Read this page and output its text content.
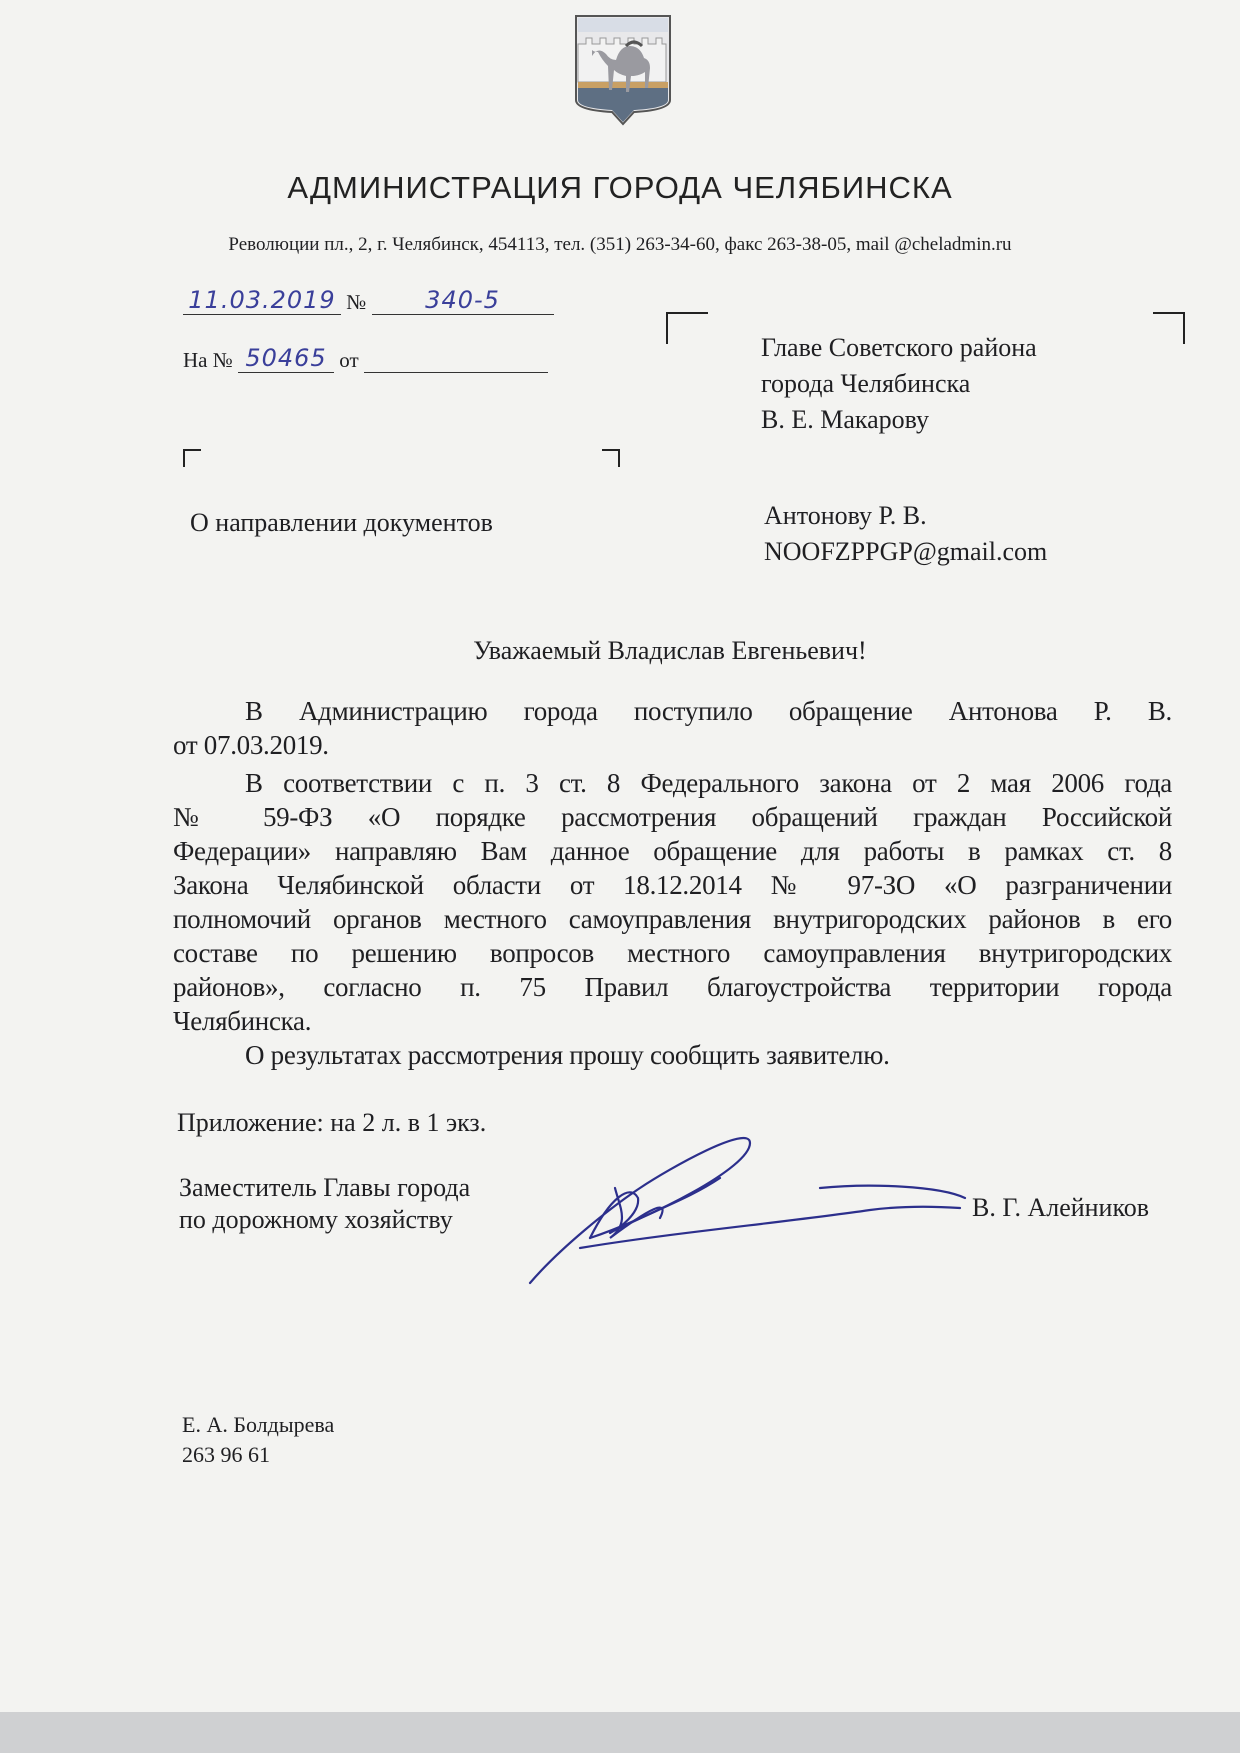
АДМИНИСТРАЦИЯ ГОРОДА ЧЕЛЯБИНСКА
Революции пл., 2, г. Челябинск, 454113, тел. (351) 263-34-60, факс 263-38-05, mail @cheladmin.ru
11.03.2019 № 340-5
На № 50465 от	Главе Советского района
города Челябинска
В. Е. Макарову
Антонову Р. В.
NOOFZPPGP@gmail.com
О направлении документов
Уважаемый Владислав Евгеньевич!
В Администрацию города поступило обращение Антонова Р. В.
от 07.03.2019.
В соответствии с п. 3 ст. 8 Федерального закона от 2 мая 2006 года
№ 59-ФЗ «О порядке рассмотрения обращений граждан Российской
Федерации» направляю Вам данное обращение для работы в рамках ст. 8
Закона Челябинской области от 18.12.2014 № 97-ЗО «О разграничении
полномочий органов местного самоуправления внутригородских районов в его
составе по решению вопросов местного самоуправления внутригородских
районов», согласно п. 75 Правил благоустройства территории города
Челябинска.
О результатах рассмотрения прошу сообщить заявителю.
Приложение: на 2 л. в 1 экз.
Заместитель Главы города
по дорожному хозяйству	В. Г. Алейников
Е. А. Болдырева
263 96 61
